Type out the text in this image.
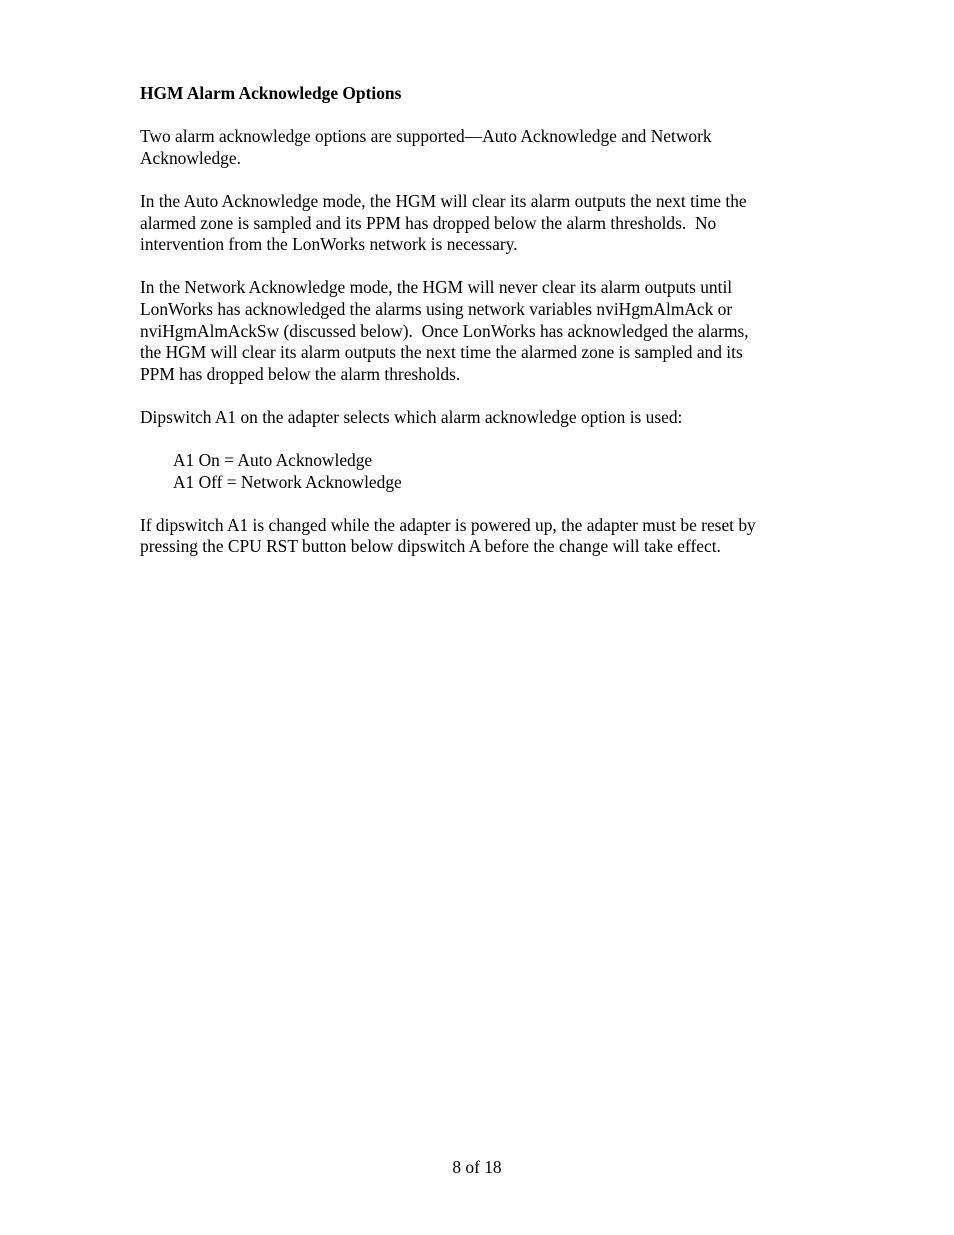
HGM Alarm Acknowledge Options
Two alarm acknowledge options are supported—Auto Acknowledge and Network
Acknowledge.
In the Auto Acknowledge mode, the HGM will clear its alarm outputs the next time the
alarmed zone is sampled and its PPM has dropped below the alarm thresholds.  No
intervention from the LonWorks network is necessary.
In the Network Acknowledge mode, the HGM will never clear its alarm outputs until
LonWorks has acknowledged the alarms using network variables nviHgmAlmAck or
nviHgmAlmAckSw (discussed below).  Once LonWorks has acknowledged the alarms,
the HGM will clear its alarm outputs the next time the alarmed zone is sampled and its
PPM has dropped below the alarm thresholds.
Dipswitch A1 on the adapter selects which alarm acknowledge option is used:
A1 On = Auto Acknowledge
A1 Off = Network Acknowledge
If dipswitch A1 is changed while the adapter is powered up, the adapter must be reset by
pressing the CPU RST button below dipswitch A before the change will take effect.
8 of 18
